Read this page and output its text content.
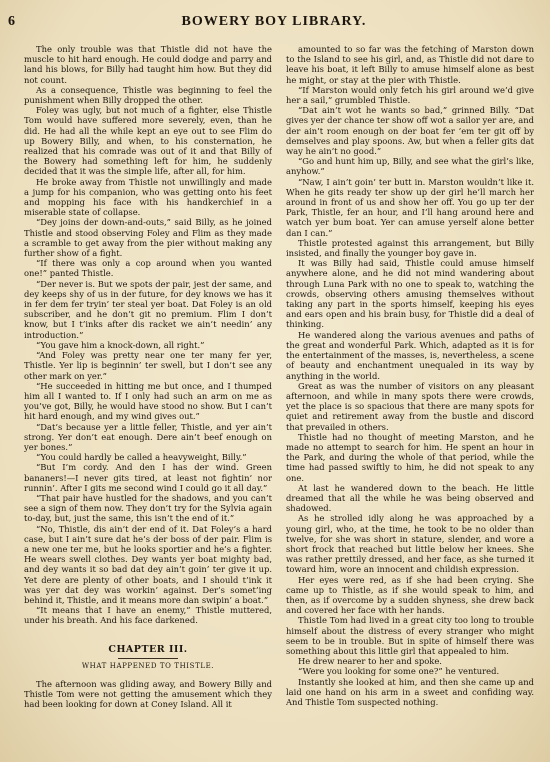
6	BOWERY BOY LIBRARY.

The only trouble was that Thistle did not have the muscle to hit hard enough. He could dodge and parry and land his blows, for Billy had taught him how. But they did not count.

As a consequence, Thistle was beginning to feel the punishment when Billy dropped the other.

Foley was ugly, but not much of a fighter, else Thistle Tom would have suffered more severely, even, than he did. He had all the while kept an eye out to see Flim do up Bowery Billy, and when, to his consternation, he realized that his comrade was out of it and that Billy of the Bowery had something left for him, he suddenly decided that it was the simple life, after all, for him.

He broke away from Thistle not unwillingly and made a jump for his companion, who was getting onto his feet and mopping his face with his handkerchief in a miserable state of collapse.

“Dey joins der down-and-outs,” said Billy, as he joined Thistle and stood observing Foley and Flim as they made a scramble to get away from the pier without making any further show of a fight.

“If there was only a cop around when you wanted one!” panted Thistle.

“Der never is. But we spots der pair, jest der same, and dey keeps shy of us in der future, for dey knows we has it in fer dem fer tryin’ ter steal yer boat. Dat Foley is an old subscriber, and he don’t git no premium. Flim I don’t know, but I t’inks after dis racket we ain’t needin’ any introduction.”

“You gave him a knock-down, all right.”

“And Foley was pretty near one ter many fer yer, Thistle. Yer lip is beginnin’ ter swell, but I don’t see any other mark on yer.”

“He succeeded in hitting me but once, and I thumped him all I wanted to. If I only had such an arm on me as you’ve got, Billy, he would have stood no show. But I can’t hit hard enough, and my wind gives out.”

“Dat’s because yer a little feller, Thistle, and yer ain’t strong. Yer don’t eat enough. Dere ain’t beef enough on yer bones.”

“You could hardly be called a heavyweight, Billy.”

“But I’m cordy. And den I has der wind. Green bananers!—I never gits tired, at least not fightin’ nor runnin’. After I gits me second wind I could go it all day.”

“That pair have hustled for the shadows, and you can’t see a sign of them now. They don’t try for the Sylvia again to-day, but, just the same, this isn’t the end of it.”

“No, Thistle, dis ain’t der end of it. Dat Foley’s a hard case, but I ain’t sure dat he’s der boss of der pair. Flim is a new one ter me, but he looks sportier and he’s a fighter. He wears swell clothes. Dey wants yer boat mighty bad, and dey wants it so bad dat dey ain’t goin’ ter give it up. Yet dere are plenty of other boats, and I should t’ink it was yer dat dey was workin’ against. Der’s somet’ing behind it, Thistle, and it means more dan swipin’ a boat.”

“It means that I have an enemy,” Thistle muttered, under his breath. And his face darkened.

CHAPTER III.
WHAT HAPPENED TO THISTLE.

The afternoon was gliding away, and Bowery Billy and Thistle Tom were not getting the amusement which they had been looking for down at Coney Island. All it

amounted to so far was the fetching of Marston down to the Island to see his girl, and, as Thistle did not dare to leave his boat, it left Billy to amuse himself alone as best he might, or stay at the pier with Thistle.

“If Marston would only fetch his girl around we’d give her a sail,” grumbled Thistle.

“Dat ain’t wot he wants so bad,” grinned Billy. “Dat gives yer der chance ter show off wot a sailor yer are, and der ain’t room enough on der boat fer ’em ter git off by demselves and play spoons. Aw, but when a feller gits dat way he ain’t no good.”

“Go and hunt him up, Billy, and see what the girl’s like, anyhow.”

“Naw, I ain’t goin’ ter butt in. Marston wouldn’t like it. When he gits ready ter show up der girl he’ll march her around in front of us and show her off. You go up ter der Park, Thistle, fer an hour, and I’ll hang around here and watch yer bum boat. Yer can amuse yerself alone better dan I can.”

Thistle protested against this arrangement, but Billy insisted, and finally the younger boy gave in.

It was Billy had said, Thistle could amuse himself anywhere alone, and he did not mind wandering about through Luna Park with no one to speak to, watching the crowds, observing others amusing themselves without taking any part in the sports himself, keeping his eyes and ears open and his brain busy, for Thistle did a deal of thinking.

He wandered along the various avenues and paths of the great and wonderful Park. Which, adapted as it is for the entertainment of the masses, is, nevertheless, a scene of beauty and enchantment unequaled in its way by anything in the world.

Great as was the number of visitors on any pleasant afternoon, and while in many spots there were crowds, yet the place is so spacious that there are many spots for quiet and retirement away from the bustle and discord that prevailed in others.

Thistle had no thought of meeting Marston, and he made no attempt to search for him. He spent an hour in the Park, and during the whole of that period, while the time had passed swiftly to him, he did not speak to any one.

At last he wandered down to the beach. He little dreamed that all the while he was being observed and shadowed.

As he strolled idly along he was approached by a young girl, who, at the time, he took to be no older than twelve, for she was short in stature, slender, and wore a short frock that reached but little below her knees. She was rather prettily dressed, and her face, as she turned it toward him, wore an innocent and childish expression.

Her eyes were red, as if she had been crying. She came up to Thistle, as if she would speak to him, and then, as if overcome by a sudden shyness, she drew back and covered her face with her hands.

Thistle Tom had lived in a great city too long to trouble himself about the distress of every stranger who might seem to be in trouble. But in spite of himself there was something about this little girl that appealed to him.

He drew nearer to her and spoke.

“Were you looking for some one?” he ventured.

Instantly she looked at him, and then she came up and laid one hand on his arm in a sweet and confiding way. And Thistle Tom suspected nothing.
